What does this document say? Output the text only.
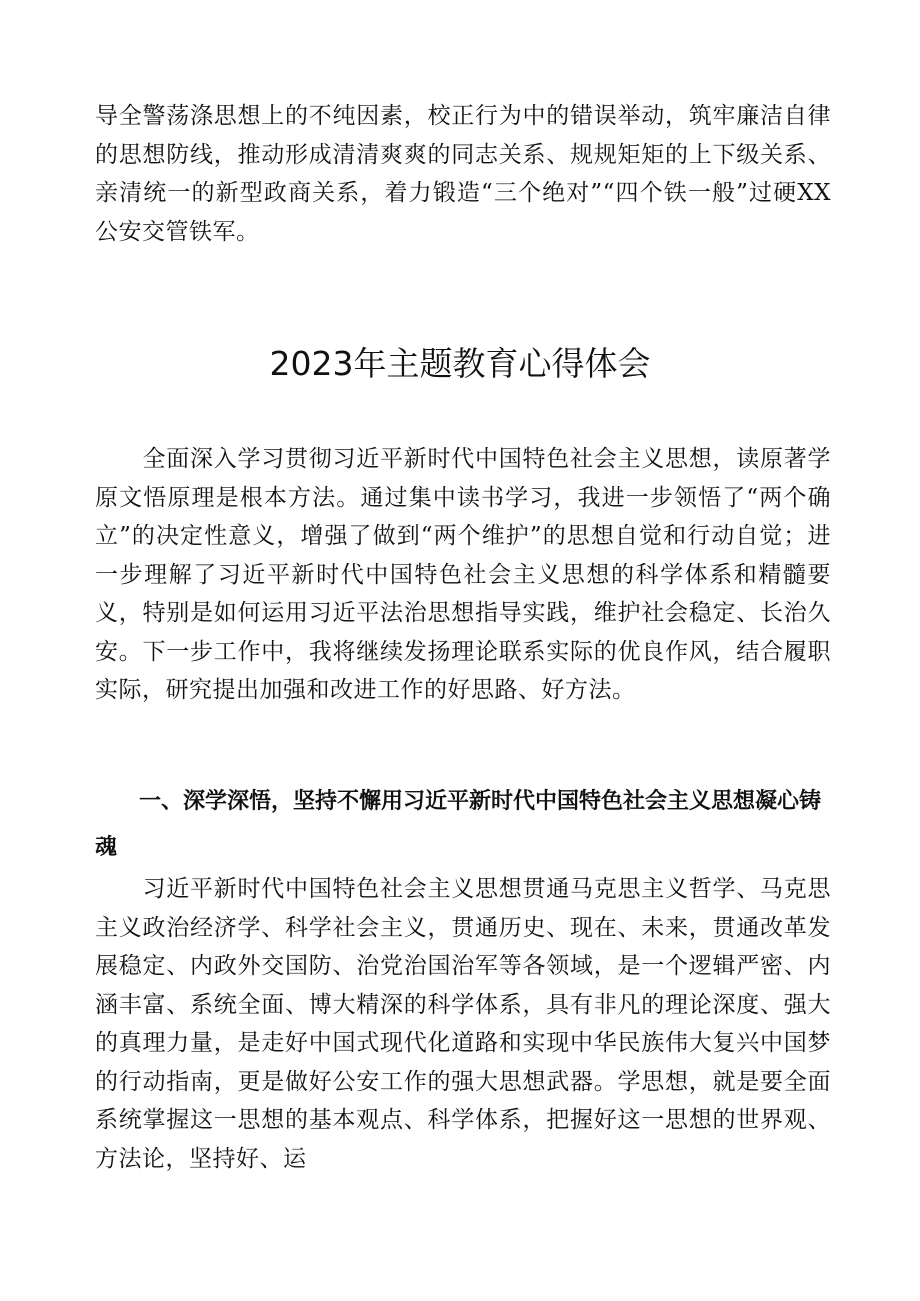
导全警荡涤思想上的不纯因素，校正行为中的错误举动，筑牢廉洁自律的思想防线，推动形成清清爽爽的同志关系、规规矩矩的上下级关系、亲清统一的新型政商关系，着力锻造“三个绝对”“四个铁一般”过硬XX公安交管铁军。

2023年主题教育心得体会

　　全面深入学习贯彻习近平新时代中国特色社会主义思想，读原著学原文悟原理是根本方法。通过集中读书学习，我进一步领悟了“两个确立”的决定性意义，增强了做到“两个维护”的思想自觉和行动自觉；进一步理解了习近平新时代中国特色社会主义思想的科学体系和精髓要义，特别是如何运用习近平法治思想指导实践，维护社会稳定、长治久安。下一步工作中，我将继续发扬理论联系实际的优良作风，结合履职实际，研究提出加强和改进工作的好思路、好方法。

　　一、深学深悟，坚持不懈用习近平新时代中国特色社会主义思想凝心铸魂

　　习近平新时代中国特色社会主义思想贯通马克思主义哲学、马克思主义政治经济学、科学社会主义，贯通历史、现在、未来，贯通改革发展稳定、内政外交国防、治党治国治军等各领域，是一个逻辑严密、内涵丰富、系统全面、博大精深的科学体系，具有非凡的理论深度、强大的真理力量，是走好中国式现代化道路和实现中华民族伟大复兴中国梦的行动指南，更是做好公安工作的强大思想武器。学思想，就是要全面系统掌握这一思想的基本观点、科学体系，把握好这一思想的世界观、方法论，坚持好、运
